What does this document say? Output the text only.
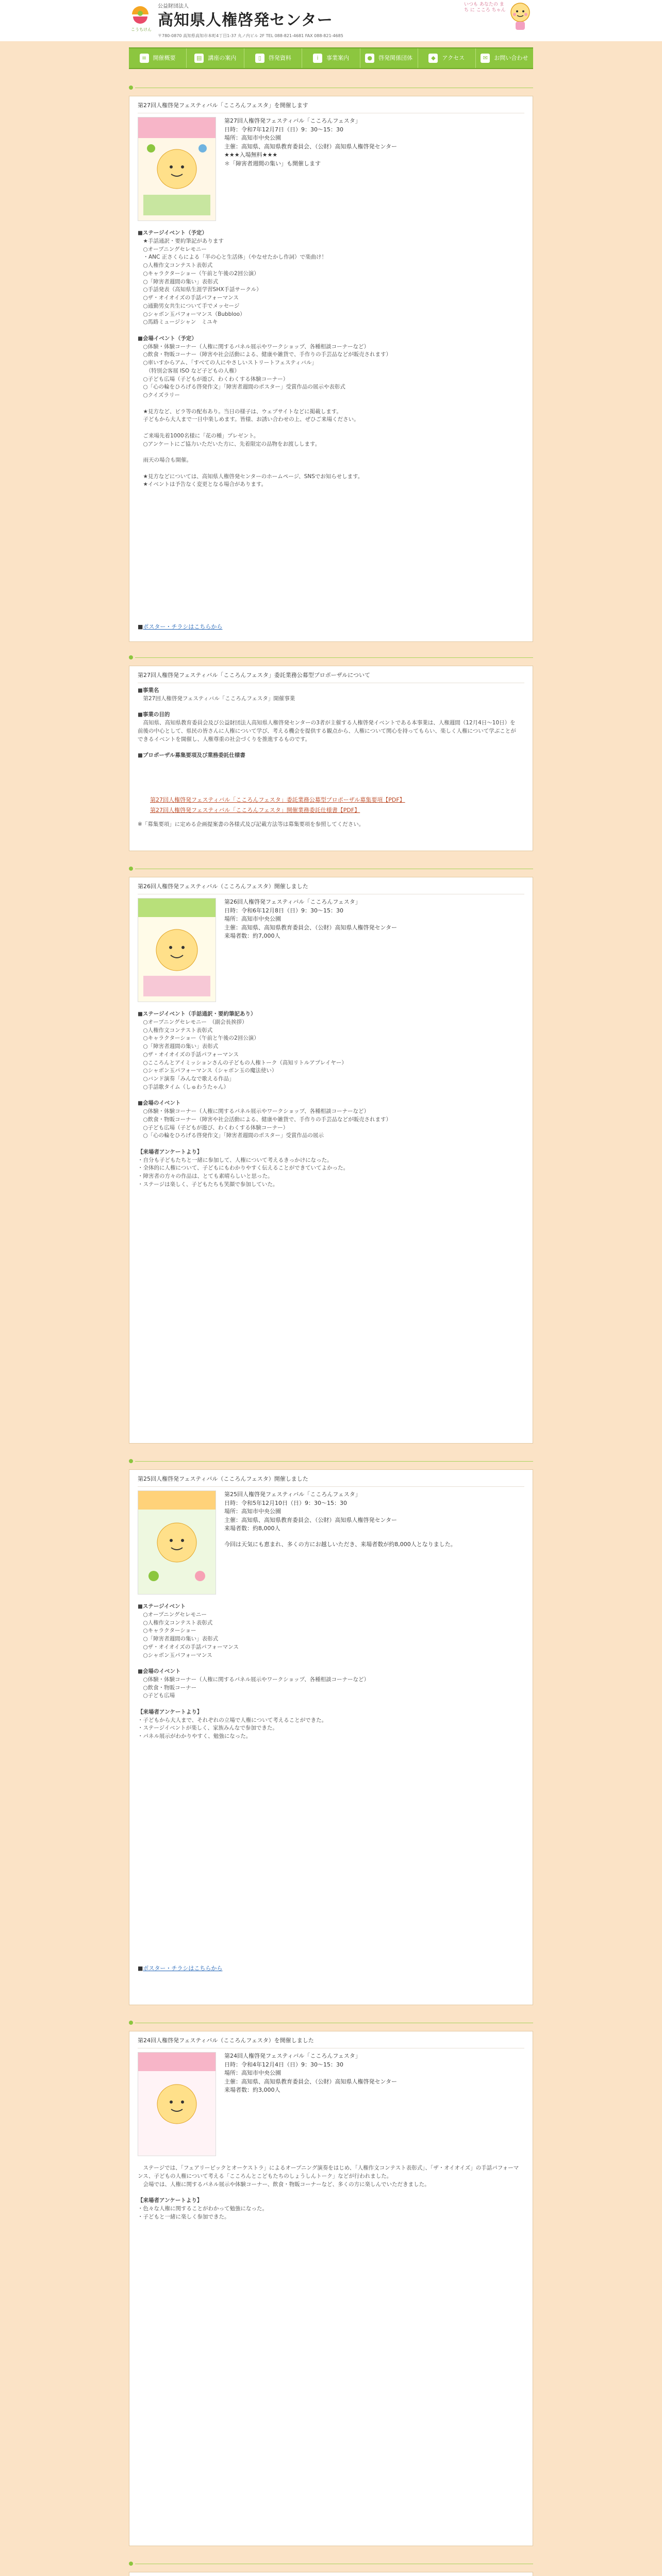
こうちけん
公益財団法人
高知県人権啓発センター
〒780-0870 高知県高知市本町4丁目1-37 丸ノ内ビル 2F TEL 088-821-4681 FAX 088-821-4685
いつも あなたの まち に こころ ちゃん
≡	開催概要	▤	講座の案内	▯	啓発資料	i	事業案内	●	啓発関係団体	◆	アクセス	✉	お問い合わせ
第27回人権啓発フェスティバル「こころんフェスタ」を開催します
第27回人権啓発フェスティバル「こころんフェスタ」
日時：令和7年12月7日（日）9：30〜15：30
場所：高知市中央公園
主催：高知県、高知県教育委員会、（公財）高知県人権啓発センター
★★★入場無料★★★
＊「障害者週間の集い」も開催します
■ステージイベント（予定）
　★手話通訳・要約筆記があります
　○オープニングセレモニー
　・ANC 正さくらによる「半の心と生活体」（やなせたかし作詞）で楽曲け！
　○人権作文コンテスト表彰式
　○キャラクターショー（午前と午後の2回公演）
　○「障害者週間の集い」表彰式
　○手話発表（高知県生涯学習SHX手話サークル）
　○ザ・オイオイズの手話パフォーマンス
　○通勤男女共生について手でメッセージ
　○シャボン玉パフォーマンス（Bubbloo）
　○馬路ミュージシャン　ミユキ

■会場イベント（予定）
　○体験・体験コーナー（人権に関するパネル展示やワークショップ、各種相談コーナーなど）
　○飲食・物販コーナー（障害や社会活動による、健康や雑貨で、手作りの手芸品などが販売されます）
　○車いすからアム、「すべての人にやさしいストリートフェスティバル」
　　（特別会客展 ISO など子どもの人権）
　○子ども広場（子どもが遊び、わくわくする体験コーナー）
　○「心の輪をひろげる啓発作文」「障害者週間のポスター」受賞作品の展示や表彰式
　○クイズラリー

　★見方など、ビラ等の配布あり。当日の様子は、ウェブサイトなどに掲載します。
　子どもから大人まで一日中楽しめます。皆様、お誘い合わせの上、ぜひご来場ください。

　ご来場先着1000名様に「花の種」プレゼント。
　○アンケートにご協力いただいた方に、先着限定の品物をお渡しします。

　雨天の場合も開催。

　★見方などについては、高知県人権啓発センターのホームページ、SNSでお知らせします。
　★イベントは予告なく変更となる場合があります。
■ポスター・チラシはこちらから
第27回人権啓発フェスティバル「こころんフェスタ」委託業務公募型プロポーザルについて
■事業名
　第27回人権啓発フェスティバル「こころんフェスタ」開催事業

■事業の目的
　高知県、高知県教育委員会及び公益財団法人高知県人権啓発センターの3者が主催する人権啓発イベントである本事業は、人権週間（12月4日〜10日）を前後の中心として、県民の皆さんに人権について学び、考える機会を提供する観点から、人権について関心を持ってもらい、楽しく人権について学ぶことができるイベントを開催し、人権尊重の社会づくりを推進するものです。

■プロポーザル募集要項及び業務委託仕様書
第27回人権啓発フェスティバル「こころんフェスタ」委託業務公募型プロポーザル募集要項【PDF】
第27回人権啓発フェスティバル「こころんフェスタ」開催業務委託仕様書【PDF】
※「募集要項」に定める企画提案書の各様式及び記載方法等は募集要項を参照してください。
第26回人権啓発フェスティバル（こころんフェスタ）開催しました
第26回人権啓発フェスティバル「こころんフェスタ」
日時：令和6年12月8日（日）9：30〜15：30
場所：高知市中央公園
主催：高知県、高知県教育委員会、（公財）高知県人権啓発センター
来場者数：約7,000人
■ステージイベント（手話通訳・要約筆記あり）
　○オープニングセレモニー　（副会長挨拶）
　○人権作文コンテスト表彰式
　○キャラクターショー（午前と午後の2回公演）
　○「障害者週間の集い」表彰式
　○ザ・オイオイズの手話パフォーマンス
　○こころんとアイミッションさんの子どもの人権トーク（高知リトルアプレイヤー）
　○シャボン玉パフォーマンス（シャボン玉の魔法使い）
　○バンド演奏「みんなで歌える作品」
　○手話歌タイム（しゅわうたゃん）

■会場のイベント
　○体験・体験コーナー（人権に関するパネル展示やワークショップ、各種相談コーナーなど）
　○飲食・物販コーナー（障害や社会活動による、健康や雑貨で、手作りの手芸品などが販売されます）
　○子ども広場（子どもが遊び、わくわくする体験コーナー）
　○「心の輪をひろげる啓発作文」「障害者週間のポスター」受賞作品の展示

【来場者アンケートより】
・自分も子どもたちと一緒に参加して、人権について考えるきっかけになった。
・全体的に人権について、子どもにもわかりやすく伝えることができていてよかった。
・障害者の方々の作品は、とても素晴らしいと思った。
・ステージは楽しく、子どもたちも笑顔で参加していた。
第25回人権啓発フェスティバル（こころんフェスタ）開催しました
第25回人権啓発フェスティバル「こころんフェスタ」
日時：令和5年12月10日（日）9：30〜15：30
場所：高知市中央公園
主催：高知県、高知県教育委員会、（公財）高知県人権啓発センター
来場者数：約8,000人
今回は天気にも恵まれ、多くの方にお越しいただき、来場者数が約8,000人となりました。
■ステージイベント
　○オープニングセレモニー
　○人権作文コンテスト表彰式
　○キャラクターショー
　○「障害者週間の集い」表彰式
　○ザ・オイオイズの手話パフォーマンス
　○シャボン玉パフォーマンス

■会場のイベント
　○体験・体験コーナー（人権に関するパネル展示やワークショップ、各種相談コーナーなど）
　○飲食・物販コーナー
　○子ども広場

【来場者アンケートより】
・子どもから大人まで、それぞれの立場で人権について考えることができた。
・ステージイベントが楽しく、家族みんなで参加できた。
・パネル展示がわかりやすく、勉強になった。
■ポスター・チラシはこちらから
第24回人権啓発フェスティバル（こころんフェスタ）を開催しました
第24回人権啓発フェスティバル「こころんフェスタ」
日時：令和4年12月4日（日）9：30〜15：30
場所：高知市中央公園
主催：高知県、高知県教育委員会、（公財）高知県人権啓発センター
来場者数：約3,000人
　ステージでは、「フェアリーピックとオーケストラ」によるオープニング演奏をはじめ、「人権作文コンテスト表彰式」、「ザ・オイオイズ」の手話パフォーマンス、子どもの人権について考える「こころんとこどもたちのしょうしんトーク」などが行われました。
　会場では、人権に関するパネル展示や体験コーナー、飲食・物販コーナーなど、多くの方に楽しんでいただきました。

【来場者アンケートより】
・色々な人権に関することがわかって勉強になった。
・子どもと一緒に楽しく参加できた。
